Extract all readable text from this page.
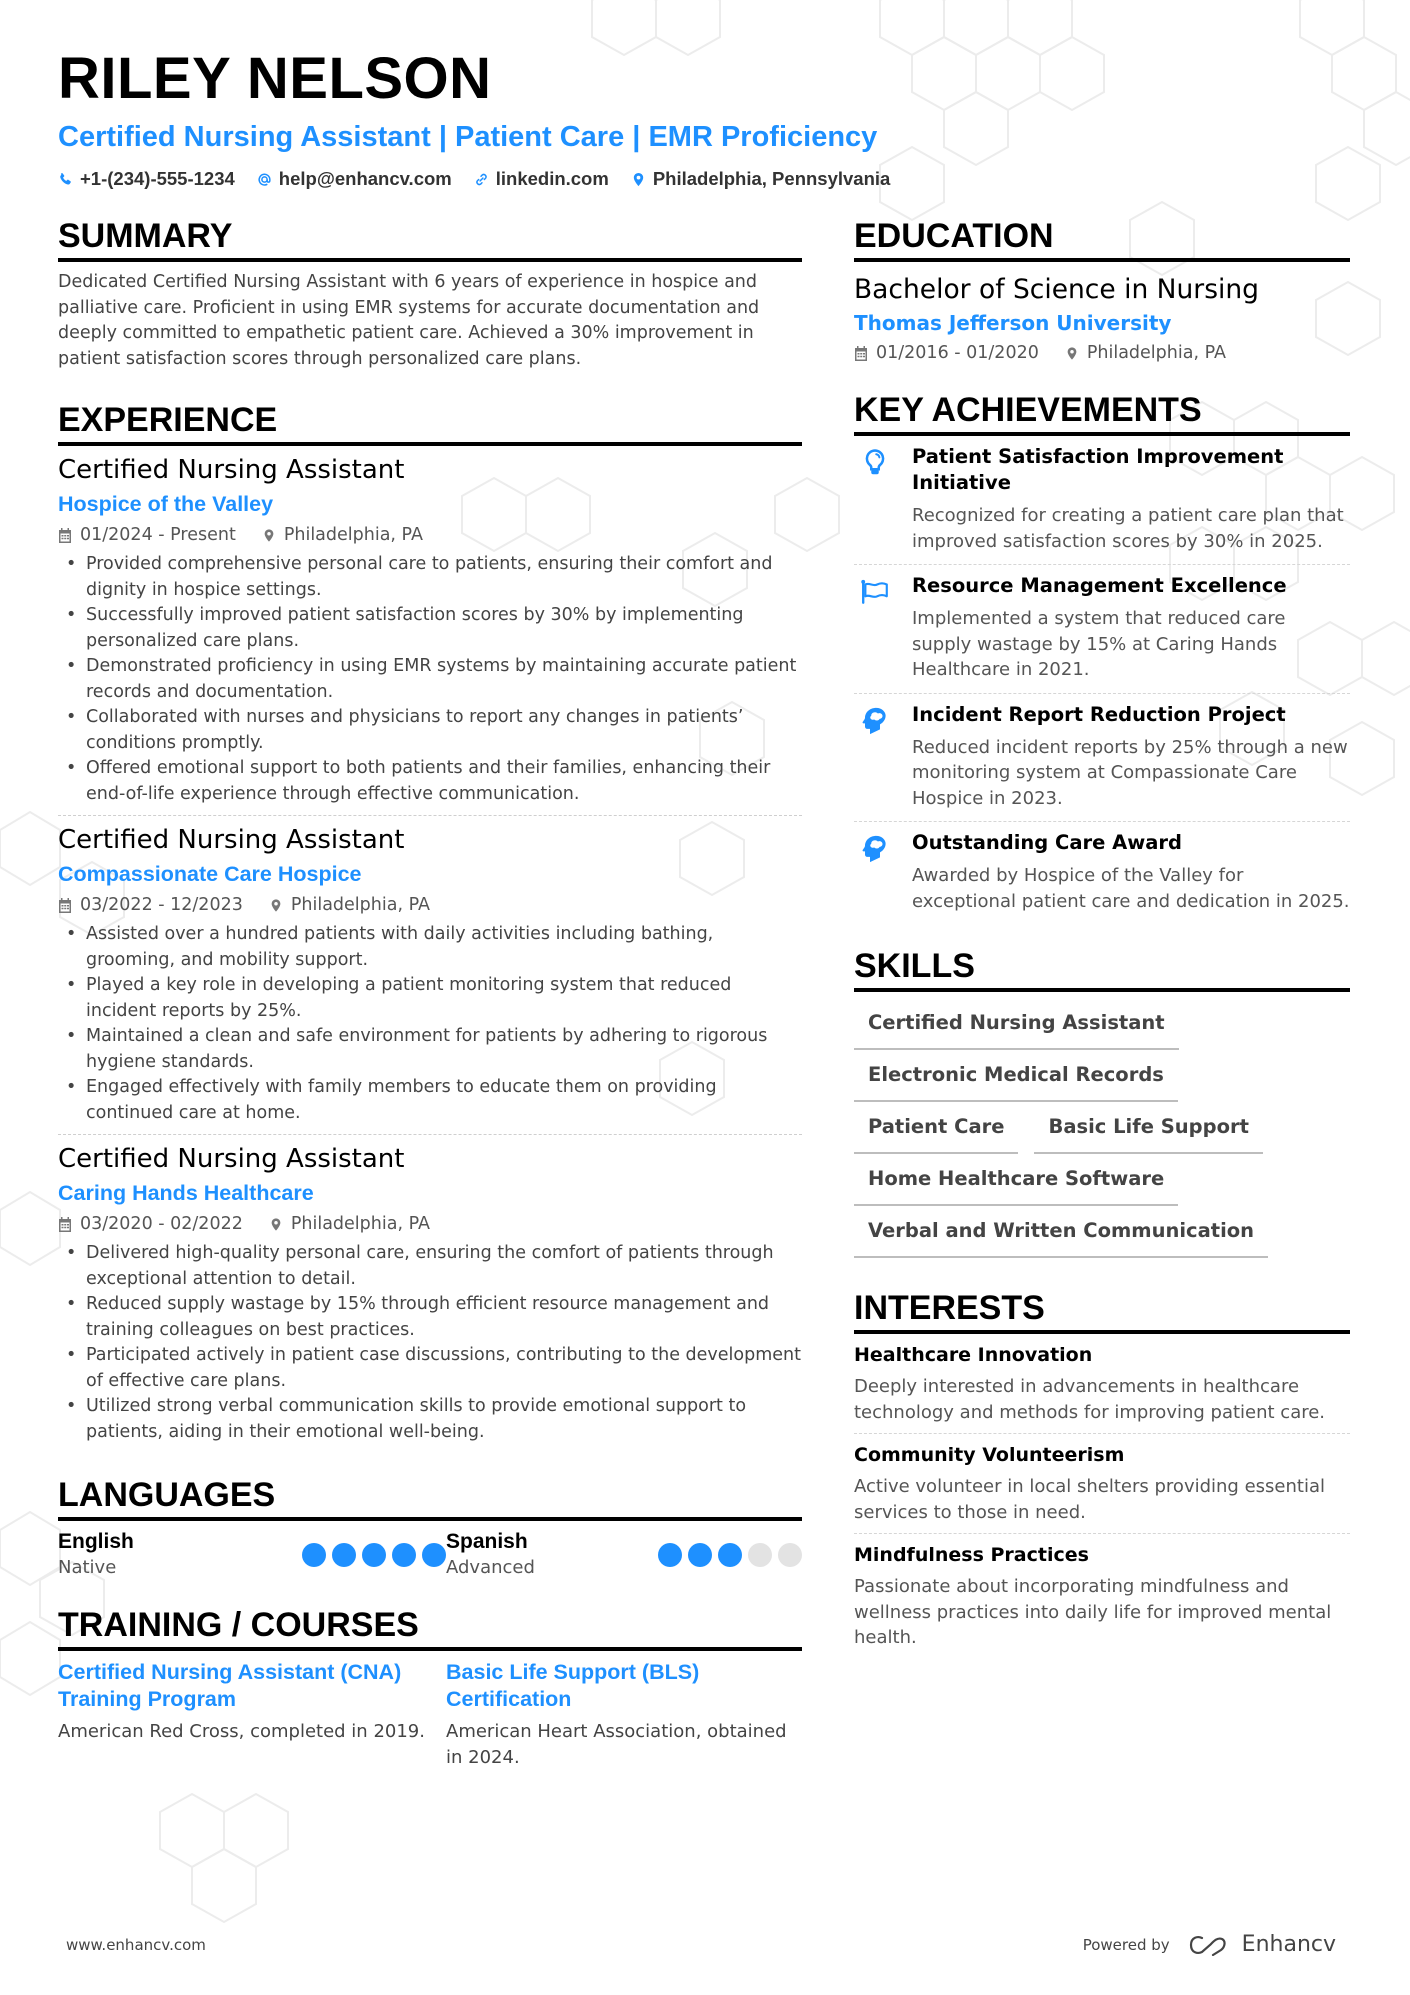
RILEY NELSON
Certified Nursing Assistant | Patient Care | EMR Proficiency
+1-(234)-555-1234 help@enhancv.com linkedin.com Philadelphia, Pennsylvania
SUMMARY
Dedicated Certified Nursing Assistant with 6 years of experience in hospice and palliative care. Proficient in using EMR systems for accurate documentation and deeply committed to empathetic patient care. Achieved a 30% improvement in patient satisfaction scores through personalized care plans.
EXPERIENCE
Certified Nursing Assistant
Hospice of the Valley
01/2024 - Present	Philadelphia, PA
• Provided comprehensive personal care to patients, ensuring their comfort and dignity in hospice settings.
• Successfully improved patient satisfaction scores by 30% by implementing personalized care plans.
• Demonstrated proficiency in using EMR systems by maintaining accurate patient records and documentation.
• Collaborated with nurses and physicians to report any changes in patients’ conditions promptly.
• Offered emotional support to both patients and their families, enhancing their end-of-life experience through effective communication.
Certified Nursing Assistant
Compassionate Care Hospice
03/2022 - 12/2023	Philadelphia, PA
• Assisted over a hundred patients with daily activities including bathing, grooming, and mobility support.
• Played a key role in developing a patient monitoring system that reduced incident reports by 25%.
• Maintained a clean and safe environment for patients by adhering to rigorous hygiene standards.
• Engaged effectively with family members to educate them on providing continued care at home.
Certified Nursing Assistant
Caring Hands Healthcare
03/2020 - 02/2022	Philadelphia, PA
• Delivered high-quality personal care, ensuring the comfort of patients through exceptional attention to detail.
• Reduced supply wastage by 15% through efficient resource management and training colleagues on best practices.
• Participated actively in patient case discussions, contributing to the development of effective care plans.
• Utilized strong verbal communication skills to provide emotional support to patients, aiding in their emotional well-being.
LANGUAGES
English
Native
Spanish
Advanced
TRAINING / COURSES
Certified Nursing Assistant (CNA) Training Program
American Red Cross, completed in 2019.
Basic Life Support (BLS) Certification
American Heart Association, obtained in 2024.
EDUCATION
Bachelor of Science in Nursing
Thomas Jefferson University
01/2016 - 01/2020	Philadelphia, PA
KEY ACHIEVEMENTS
Patient Satisfaction Improvement Initiative
Recognized for creating a patient care plan that improved satisfaction scores by 30% in 2025.
Resource Management Excellence
Implemented a system that reduced care supply wastage by 15% at Caring Hands Healthcare in 2021.
Incident Report Reduction Project
Reduced incident reports by 25% through a new monitoring system at Compassionate Care Hospice in 2023.
Outstanding Care Award
Awarded by Hospice of the Valley for exceptional patient care and dedication in 2025.
SKILLS
Certified Nursing Assistant
Electronic Medical Records
Patient Care	Basic Life Support
Home Healthcare Software
Verbal and Written Communication
INTERESTS
Healthcare Innovation
Deeply interested in advancements in healthcare technology and methods for improving patient care.
Community Volunteerism
Active volunteer in local shelters providing essential services to those in need.
Mindfulness Practices
Passionate about incorporating mindfulness and wellness practices into daily life for improved mental health.
www.enhancv.com	Powered by	Enhancv
